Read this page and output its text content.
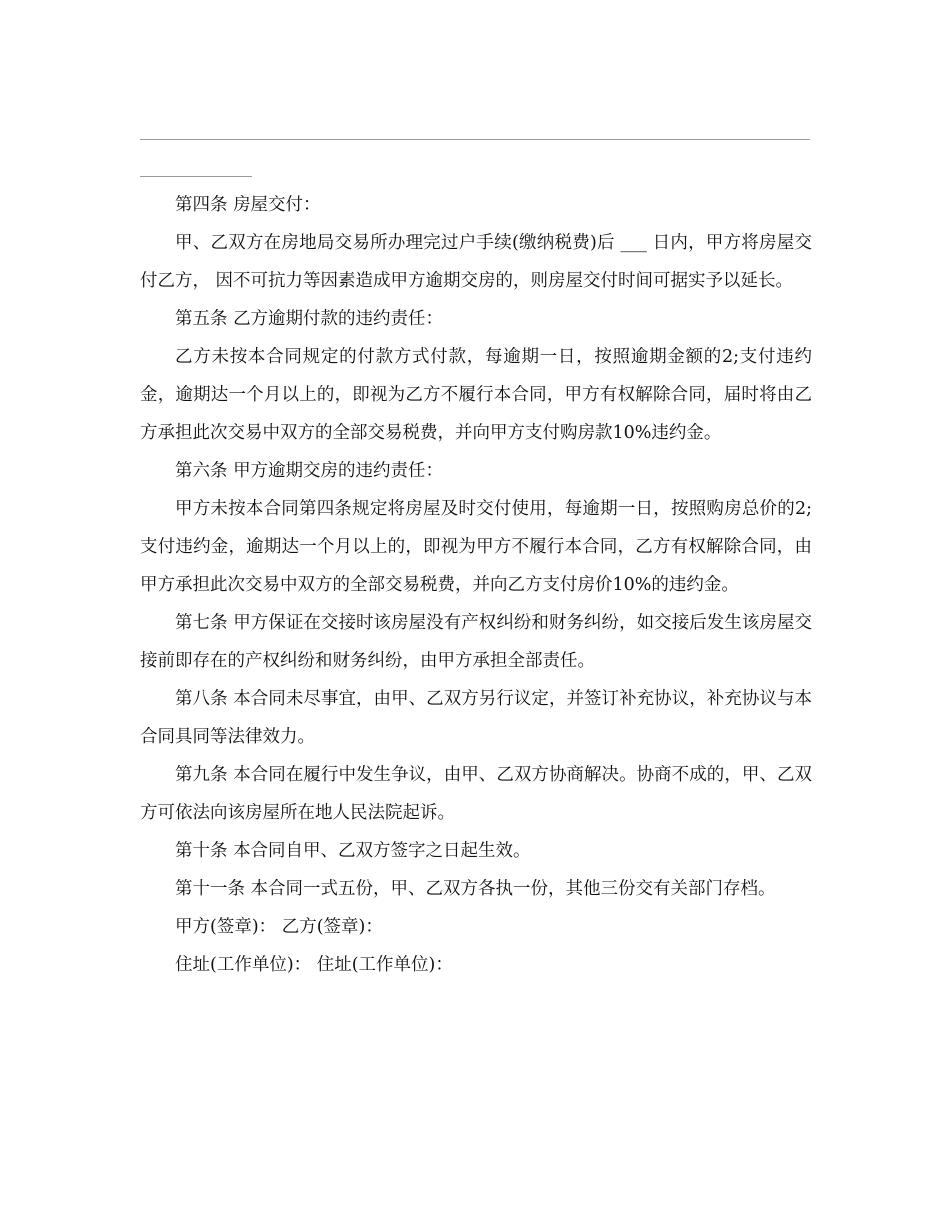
第四条 房屋交付：

甲、乙双方在房地局交易所办理完过户手续(缴纳税费)后 ___ 日内，甲方将房屋交付乙方， 因不可抗力等因素造成甲方逾期交房的，则房屋交付时间可据实予以延长。

第五条 乙方逾期付款的违约责任：

乙方未按本合同规定的付款方式付款，每逾期一日，按照逾期金额的2;支付违约金，逾期达一个月以上的，即视为乙方不履行本合同，甲方有权解除合同，届时将由乙方承担此次交易中双方的全部交易税费，并向甲方支付购房款10%违约金。

第六条 甲方逾期交房的违约责任：

甲方未按本合同第四条规定将房屋及时交付使用，每逾期一日，按照购房总价的2;支付违约金，逾期达一个月以上的，即视为甲方不履行本合同，乙方有权解除合同，由甲方承担此次交易中双方的全部交易税费，并向乙方支付房价10%的违约金。

第七条 甲方保证在交接时该房屋没有产权纠纷和财务纠纷，如交接后发生该房屋交接前即存在的产权纠纷和财务纠纷，由甲方承担全部责任。

第八条 本合同未尽事宜，由甲、乙双方另行议定，并签订补充协议，补充协议与本合同具同等法律效力。

第九条 本合同在履行中发生争议，由甲、乙双方协商解决。协商不成的，甲、乙双方可依法向该房屋所在地人民法院起诉。

第十条 本合同自甲、乙双方签字之日起生效。

第十一条 本合同一式五份，甲、乙双方各执一份，其他三份交有关部门存档。

甲方(签章)： 乙方(签章)：

住址(工作单位)： 住址(工作单位)：
